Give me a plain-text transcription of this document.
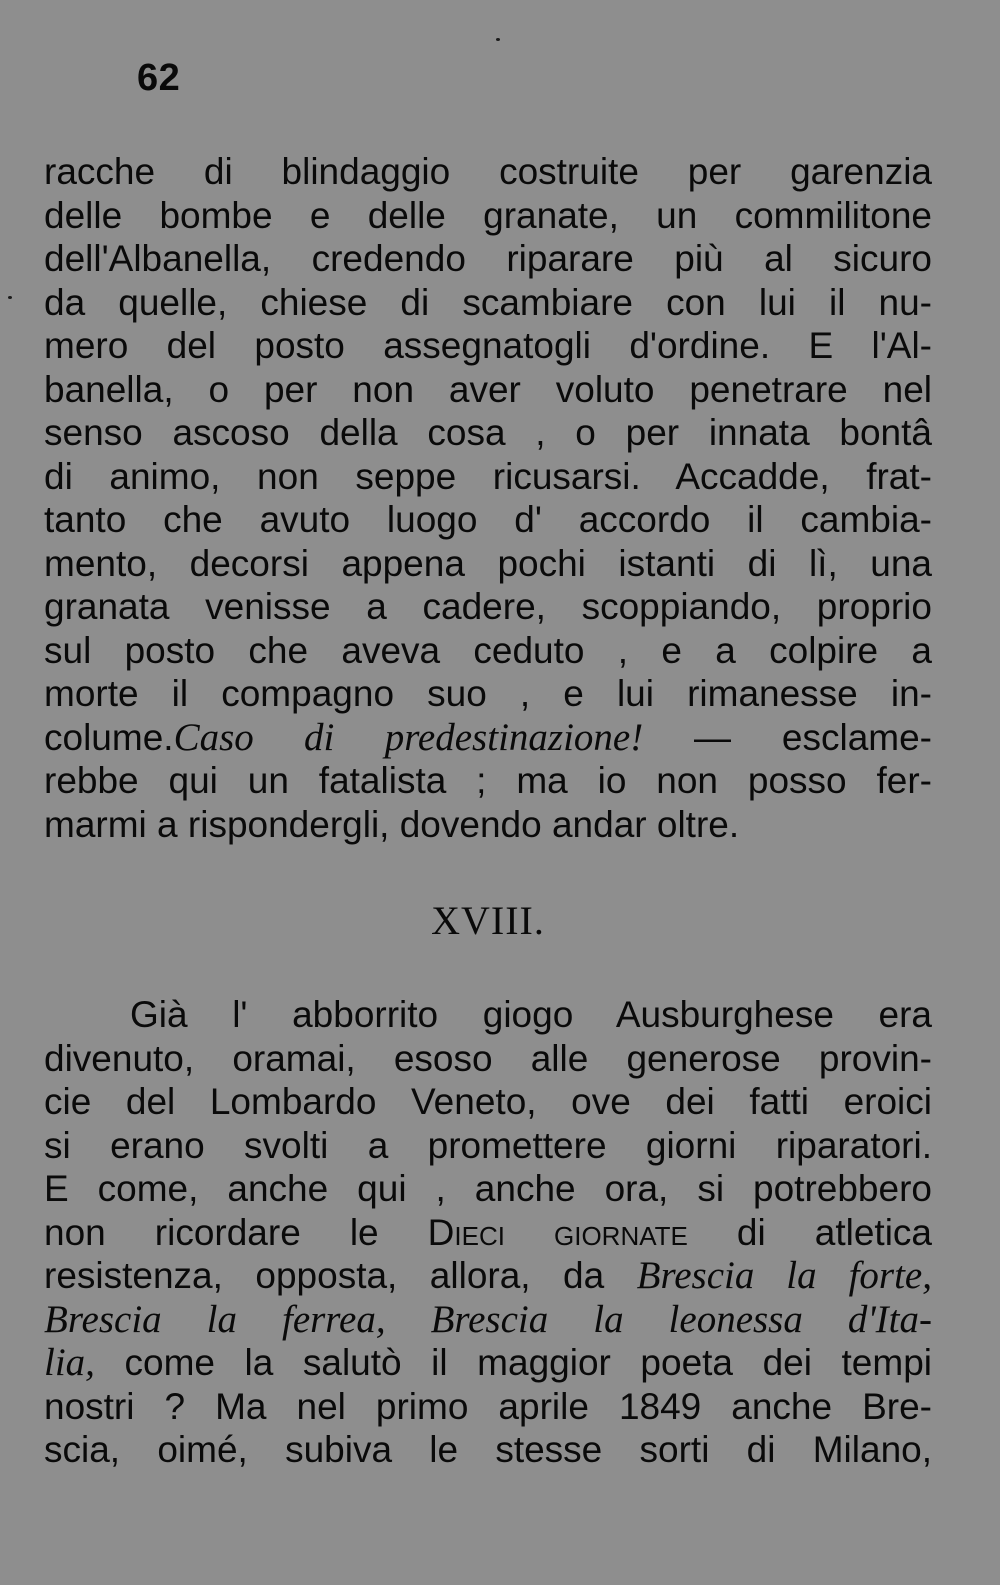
62
racche di blindaggio costruite per garenzia
delle bombe e delle granate, un commilitone
dell'Albanella, credendo riparare più al sicuro
da quelle, chiese di scambiare con lui il nu-
mero del posto assegnatogli d'ordine. E l'Al-
banella, o per non aver voluto penetrare nel
senso ascoso della cosa , o per innata bontâ
di animo, non seppe ricusarsi. Accadde, frat-
tanto che avuto luogo d' accordo il cambia-
mento, decorsi appena pochi istanti di lì, una
granata venisse a cadere, scoppiando, proprio
sul posto che aveva ceduto , e a colpire a
morte il compagno suo , e lui rimanesse in-
columе.Caso di predestinazione! — esclame-
rebbe qui un fatalista ; ma io non posso fer-
marmi a rispondergli, dovendo andar oltre.
XVIII.
Già l' abborrito giogo Ausburghese era
divenuto, oramai, esoso alle generose provin-
cie del Lombardo Veneto, ove dei fatti eroici
si erano svolti a promettere giorni riparatori.
E come, anche qui , anche ora, si potrebbero
non ricordare le Dieci giornate di atletica
resistenza, opposta, allora, da Brescia la forte,
Brescia la ferrea, Brescia la leonessa d'Ita-
lia, come la salutò il maggior poeta dei tempi
nostri ? Ma nel primo aprile 1849 anche Bre-
scia, oimé, subiva le stesse sorti di Milano,
